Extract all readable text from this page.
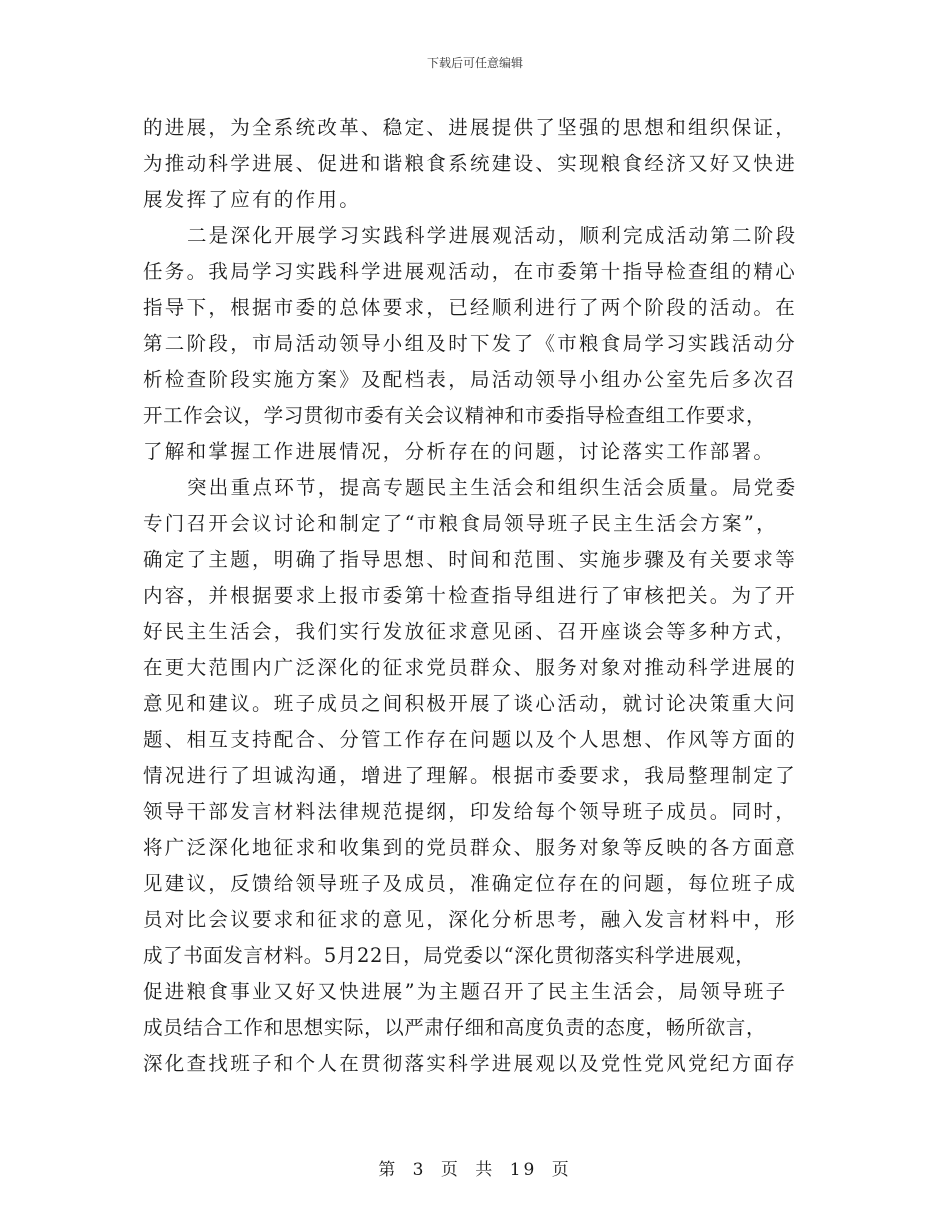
下载后可任意编辑
的进展，为全系统改革、稳定、进展提供了坚强的思想和组织保证，
为推动科学进展、促进和谐粮食系统建设、实现粮食经济又好又快进
展发挥了应有的作用。
二是深化开展学习实践科学进展观活动，顺利完成活动第二阶段
任务。我局学习实践科学进展观活动，在市委第十指导检查组的精心
指导下，根据市委的总体要求，已经顺利进行了两个阶段的活动。在
第二阶段，市局活动领导小组及时下发了《市粮食局学习实践活动分
析检查阶段实施方案》及配档表，局活动领导小组办公室先后多次召
开工作会议，学习贯彻市委有关会议精神和市委指导检查组工作要求，
了解和掌握工作进展情况，分析存在的问题，讨论落实工作部署。
突出重点环节，提高专题民主生活会和组织生活会质量。局党委
专门召开会议讨论和制定了“市粮食局领导班子民主生活会方案”，
确定了主题，明确了指导思想、时间和范围、实施步骤及有关要求等
内容，并根据要求上报市委第十检查指导组进行了审核把关。为了开
好民主生活会，我们实行发放征求意见函、召开座谈会等多种方式，
在更大范围内广泛深化的征求党员群众、服务对象对推动科学进展的
意见和建议。班子成员之间积极开展了谈心活动，就讨论决策重大问
题、相互支持配合、分管工作存在问题以及个人思想、作风等方面的
情况进行了坦诚沟通，增进了理解。根据市委要求，我局整理制定了
领导干部发言材料法律规范提纲，印发给每个领导班子成员。同时，
将广泛深化地征求和收集到的党员群众、服务对象等反映的各方面意
见建议，反馈给领导班子及成员，准确定位存在的问题，每位班子成
员对比会议要求和征求的意见，深化分析思考，融入发言材料中，形
成了书面发言材料。5月22日，局党委以“深化贯彻落实科学进展观，
促进粮食事业又好又快进展”为主题召开了民主生活会，局领导班子
成员结合工作和思想实际，以严肃仔细和高度负责的态度，畅所欲言，
深化查找班子和个人在贯彻落实科学进展观以及党性党风党纪方面存
第 3 页 共 19 页
